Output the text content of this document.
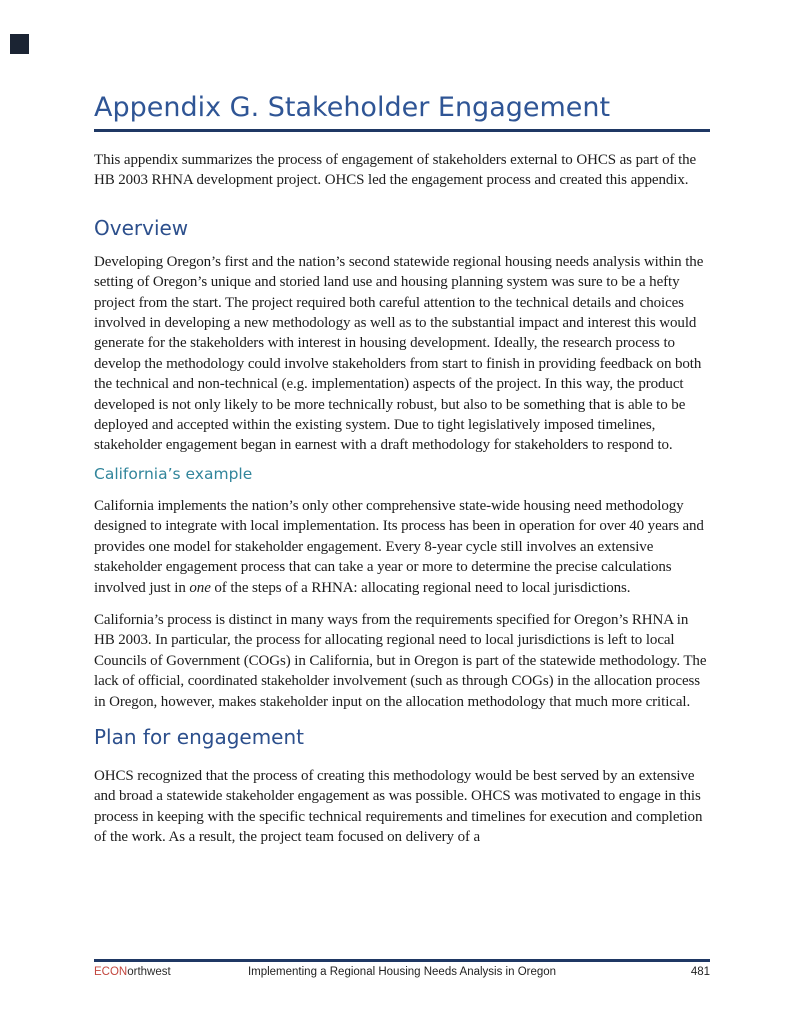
Appendix G. Stakeholder Engagement

This appendix summarizes the process of engagement of stakeholders external to OHCS as part of the HB 2003 RHNA development project. OHCS led the engagement process and created this appendix.

Overview

Developing Oregon’s first and the nation’s second statewide regional housing needs analysis within the setting of Oregon’s unique and storied land use and housing planning system was sure to be a hefty project from the start. The project required both careful attention to the technical details and choices involved in developing a new methodology as well as to the substantial impact and interest this would generate for the stakeholders with interest in housing development. Ideally, the research process to develop the methodology could involve stakeholders from start to finish in providing feedback on both the technical and non-technical (e.g. implementation) aspects of the project. In this way, the product developed is not only likely to be more technically robust, but also to be something that is able to be deployed and accepted within the existing system. Due to tight legislatively imposed timelines, stakeholder engagement began in earnest with a draft methodology for stakeholders to respond to.

California’s example

California implements the nation’s only other comprehensive state-wide housing need methodology designed to integrate with local implementation. Its process has been in operation for over 40 years and provides one model for stakeholder engagement. Every 8-year cycle still involves an extensive stakeholder engagement process that can take a year or more to determine the precise calculations involved just in one of the steps of a RHNA: allocating regional need to local jurisdictions.

California’s process is distinct in many ways from the requirements specified for Oregon’s RHNA in HB 2003. In particular, the process for allocating regional need to local jurisdictions is left to local Councils of Government (COGs) in California, but in Oregon is part of the statewide methodology. The lack of official, coordinated stakeholder involvement (such as through COGs) in the allocation process in Oregon, however, makes stakeholder input on the allocation methodology that much more critical.

Plan for engagement

OHCS recognized that the process of creating this methodology would be best served by an extensive and broad a statewide stakeholder engagement as was possible. OHCS was motivated to engage in this process in keeping with the specific technical requirements and timelines for execution and completion of the work. As a result, the project team focused on delivery of a

ECONorthwest	Implementing a Regional Housing Needs Analysis in Oregon	481
